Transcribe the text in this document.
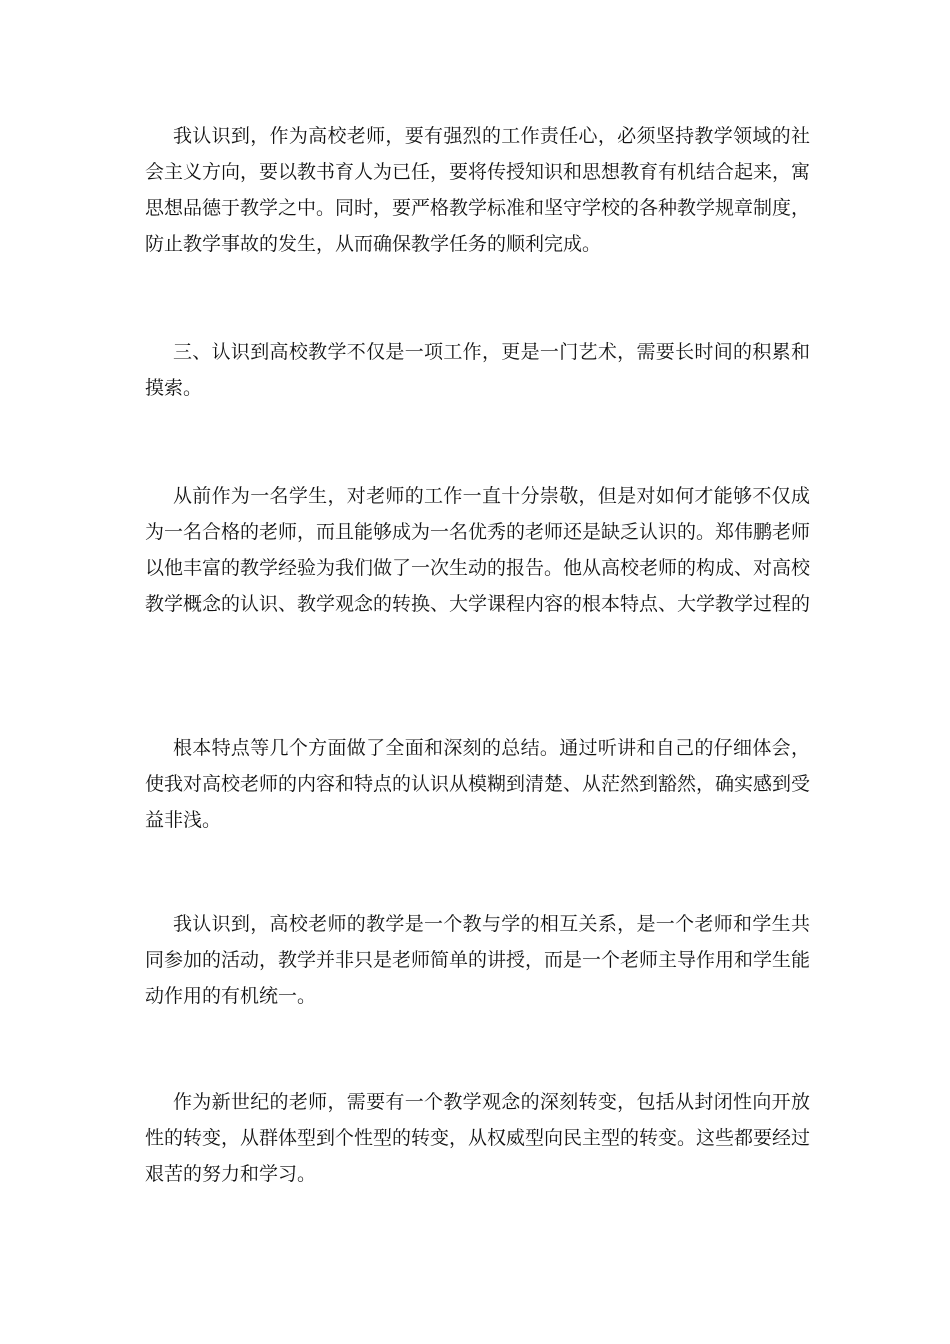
我认识到，作为高校老师，要有强烈的工作责任心，必须坚持教学领域的社会主义方向，要以教书育人为已任，要将传授知识和思想教育有机结合起来，寓思想品德于教学之中。同时，要严格教学标准和坚守学校的各种教学规章制度，防止教学事故的发生，从而确保教学任务的顺利完成。

三、认识到高校教学不仅是一项工作，更是一门艺术，需要长时间的积累和摸索。

从前作为一名学生，对老师的工作一直十分崇敬，但是对如何才能够不仅成为一名合格的老师，而且能够成为一名优秀的老师还是缺乏认识的。郑伟鹏老师以他丰富的教学经验为我们做了一次生动的报告。他从高校老师的构成、对高校教学概念的认识、教学观念的转换、大学课程内容的根本特点、大学教学过程的

根本特点等几个方面做了全面和深刻的总结。通过听讲和自己的仔细体会，使我对高校老师的内容和特点的认识从模糊到清楚、从茫然到豁然，确实感到受益非浅。

我认识到，高校老师的教学是一个教与学的相互关系，是一个老师和学生共同参加的活动，教学并非只是老师简单的讲授，而是一个老师主导作用和学生能动作用的有机统一。

作为新世纪的老师，需要有一个教学观念的深刻转变，包括从封闭性向开放性的转变，从群体型到个性型的转变，从权威型向民主型的转变。这些都要经过艰苦的努力和学习。
